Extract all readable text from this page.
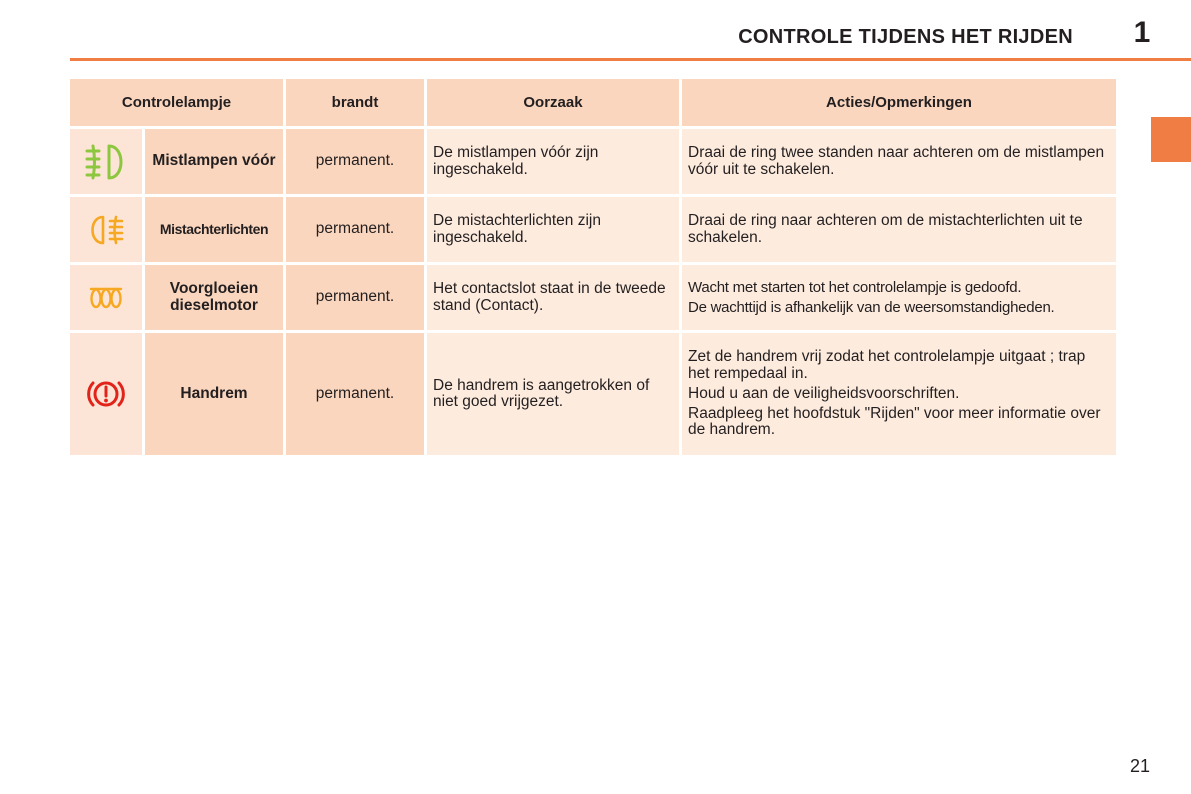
CONTROLE TIJDENS HET RIJDEN	1
Controlelampje		brandt	Oorzaak	Acties/Opmerkingen

	Mistlampen vóór	permanent.	De mistlampen vóór zijn ingeschakeld.	Draai de ring twee standen naar achteren om de mistlampen vóór uit te schakelen.

	Mistachterlichten	permanent.	De mistachterlichten zijn ingeschakeld.	Draai de ring naar achteren om de mistachterlichten uit te schakelen.

	Voorgloeien dieselmotor	permanent.	Het contactslot staat in de tweede stand (Contact).	Wacht met starten tot het controlelampje is gedoofd.
De wachttijd is afhankelijk van de weersomstandigheden.

	Handrem	permanent.	De handrem is aangetrokken of niet goed vrijgezet.	Zet de handrem vrij zodat het controlelampje uitgaat ; trap het rempedaal in.
Houd u aan de veiligheidsvoorschriften.
Raadpleeg het hoofdstuk "Rijden" voor meer informatie over de handrem.
21
